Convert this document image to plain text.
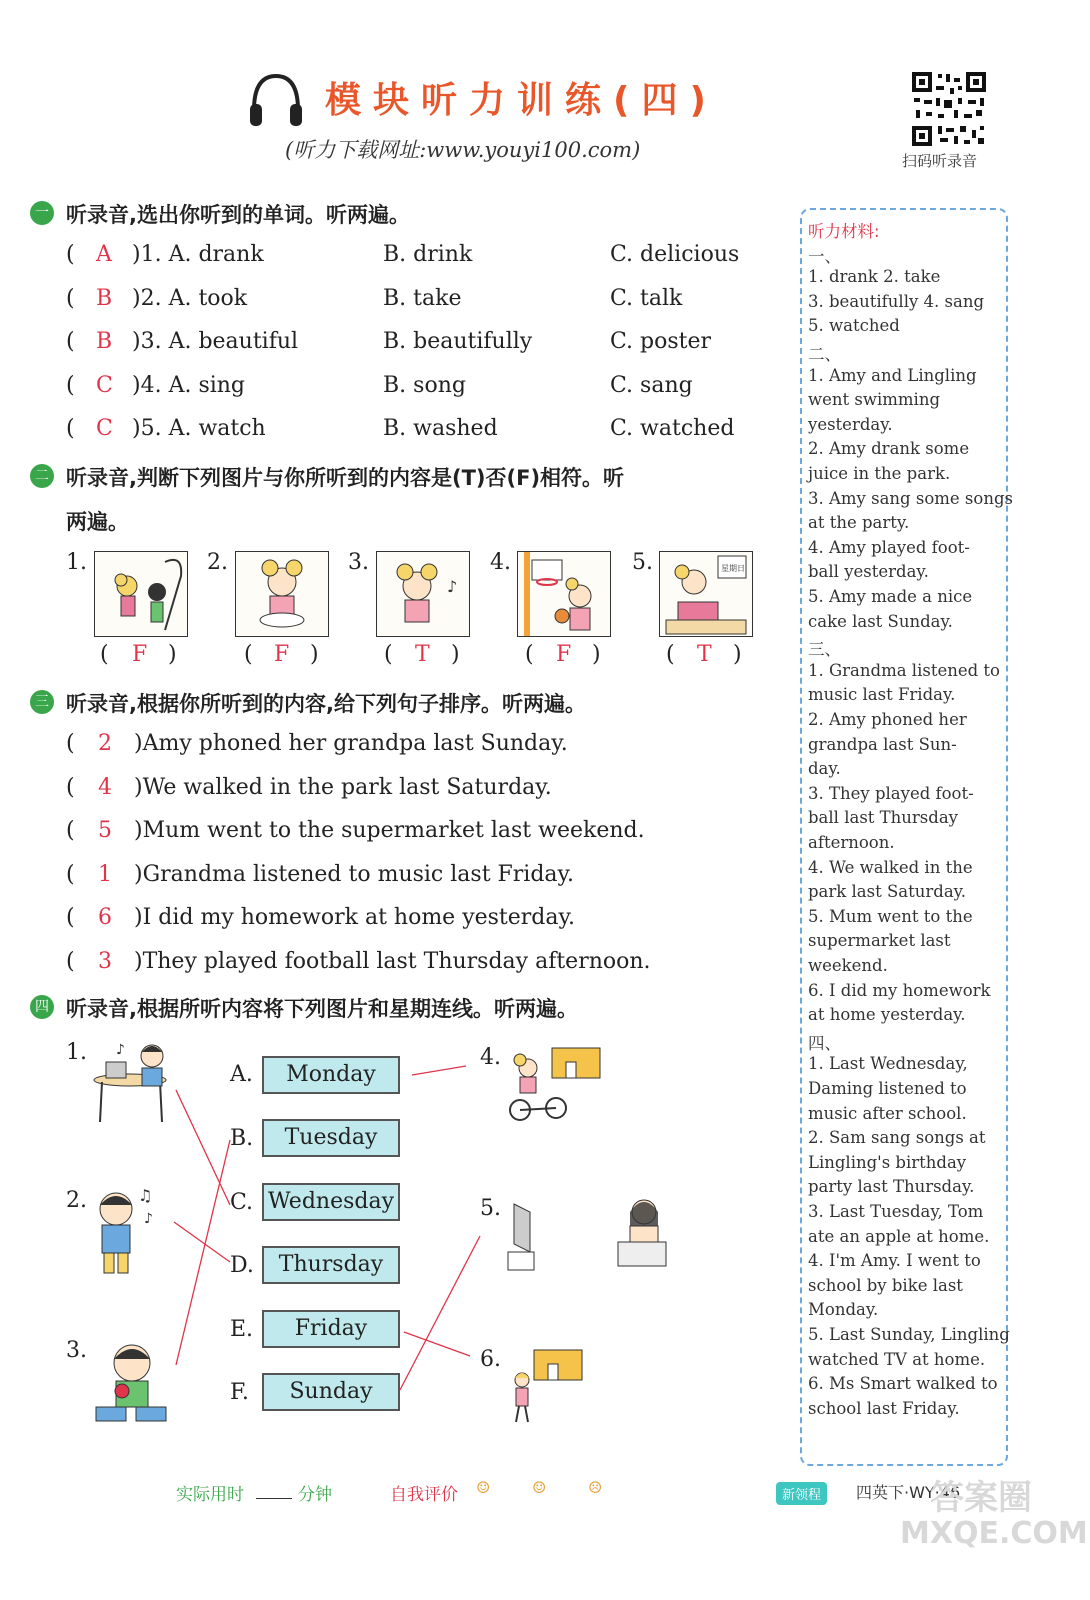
模块听力训练(四)
(听力下载网址:www.youyi100.com)	扫码听录音
一 听录音,选出你听到的单词。听两遍。
( A )1. A. drank	B. drink	C. delicious
( B )2. A. took	B. take	C. talk
( B )3. A. beautiful	B. beautifully	C. poster
( C )4. A. sing	B. song	C. sang
( C )5. A. watch	B. washed	C. watched
二 听录音,判断下列图片与你所听到的内容是(T)否(F)相符。听
两遍。
1.
( F )
2.
( F )
3.
♪
( T )
4.
( F )
5.	星期日
( T )
三 听录音,根据你所听到的内容,给下列句子排序。听两遍。
( 2 )Amy phoned her grandpa last Sunday.
( 4 )We walked in the park last Saturday.
( 5 )Mum went to the supermarket last weekend.
( 1 )Grandma listened to music last Friday.
( 6 )I did my homework at home yesterday.
( 3 )They played football last Thursday afternoon.
四 听录音,根据所听内容将下列图片和星期连线。听两遍。
1. ♪
2.	♫
♪
3.
A.	Monday
B.	Tuesday
C. Wednesday
D.	Thursday
E.	Friday
F.	Sunday
4.
5.
6.
听力材料:
一、
1. drank 2. take
3. beautifully 4. sang
5. watched
二、
1. Amy and Lingling
went swimming
yesterday.
2. Amy drank some
juice in the park.
3. Amy sang some songs
at the party.
4. Amy played foot-
ball yesterday.
5. Amy made a nice
cake last Sunday.
三、
1. Grandma listened to
music last Friday.
2. Amy phoned her
grandpa last Sun-
day.
3. They played foot-
ball last Thursday
afternoon.
4. We walked in the
park last Saturday.
5. Mum went to the
supermarket last
weekend.
6. I did my homework
at home yesterday.
四、
1. Last Wednesday,
Daming listened to
music after school.
2. Sam sang songs at
Lingling's birthday
party last Thursday.
3. Last Tuesday, Tom
ate an apple at home.
4. I'm Amy. I went to
school by bike last
Monday.
5. Last Sunday, Lingling
watched TV at home.
6. Ms Smart walked to
school last Friday.
实际用时	分钟	自我评价 ☺	☺	☹	新领程	四英下·WY·46
答案圈
MXQE.COM
